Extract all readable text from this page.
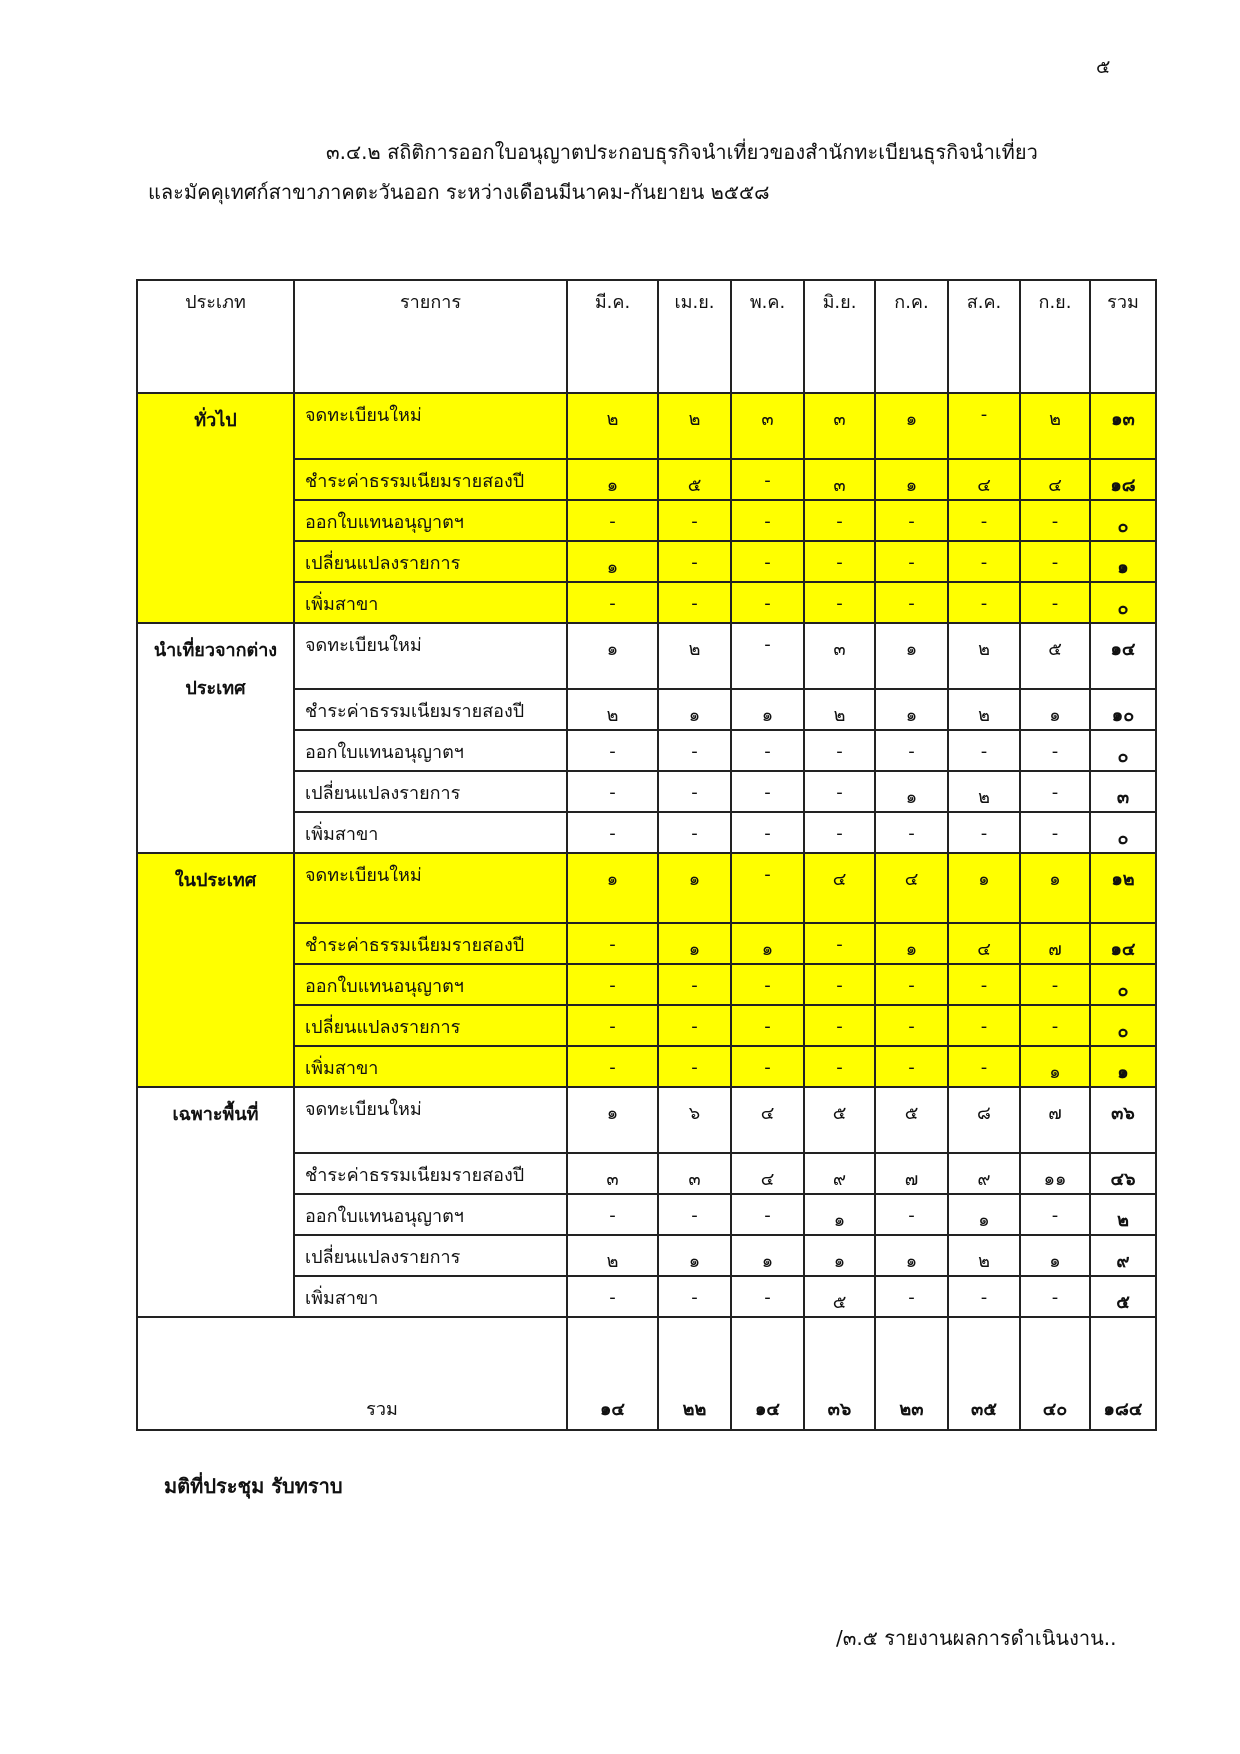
๕
๓.๔.๒ สถิติการออกใบอนุญาตประกอบธุรกิจนำเที่ยวของสำนักทะเบียนธุรกิจนำเที่ยว
และมัคคุเทศก์สาขาภาคตะวันออก ระหว่างเดือนมีนาคม-กันยายน ๒๕๕๘
ประเภท	รายการ	มี.ค.	เม.ย.	พ.ค.	มิ.ย.	ก.ค.	ส.ค.	ก.ย.	รวม
ทั่วไป	จดทะเบียนใหม่	๒	๒	๓	๓	๑	-	๒	๑๓
	ชำระค่าธรรมเนียมรายสองปี	๑	๕	-	๓	๑	๔	๔	๑๘
	ออกใบแทนอนุญาตฯ	-	-	-	-	-	-	-	๐
	เปลี่ยนแปลงรายการ	๑	-	-	-	-	-	-	๑
	เพิ่มสาขา	-	-	-	-	-	-	-	๐
นำเที่ยวจากต่างประเทศ	จดทะเบียนใหม่	๑	๒	-	๓	๑	๒	๕	๑๔
	ชำระค่าธรรมเนียมรายสองปี	๒	๑	๑	๒	๑	๒	๑	๑๐
	ออกใบแทนอนุญาตฯ	-	-	-	-	-	-	-	๐
	เปลี่ยนแปลงรายการ	-	-	-	-	๑	๒	-	๓
	เพิ่มสาขา	-	-	-	-	-	-	-	๐
ในประเทศ	จดทะเบียนใหม่	๑	๑	-	๔	๔	๑	๑	๑๒
	ชำระค่าธรรมเนียมรายสองปี	-	๑	๑	-	๑	๔	๗	๑๔
	ออกใบแทนอนุญาตฯ	-	-	-	-	-	-	-	๐
	เปลี่ยนแปลงรายการ	-	-	-	-	-	-	-	๐
	เพิ่มสาขา	-	-	-	-	-	-	๑	๑
เฉพาะพื้นที่	จดทะเบียนใหม่	๑	๖	๔	๕	๕	๘	๗	๓๖
	ชำระค่าธรรมเนียมรายสองปี	๓	๓	๔	๙	๗	๙	๑๑	๔๖
	ออกใบแทนอนุญาตฯ	-	-	-	๑	-	๑	-	๒
	เปลี่ยนแปลงรายการ	๒	๑	๑	๑	๑	๒	๑	๙
	เพิ่มสาขา	-	-	-	๕	-	-	-	๕
รวม		๑๔	๒๒	๑๔	๓๖	๒๓	๓๕	๔๐	๑๘๔
มติที่ประชุม รับทราบ
/๓.๕ รายงานผลการดำเนินงาน..
